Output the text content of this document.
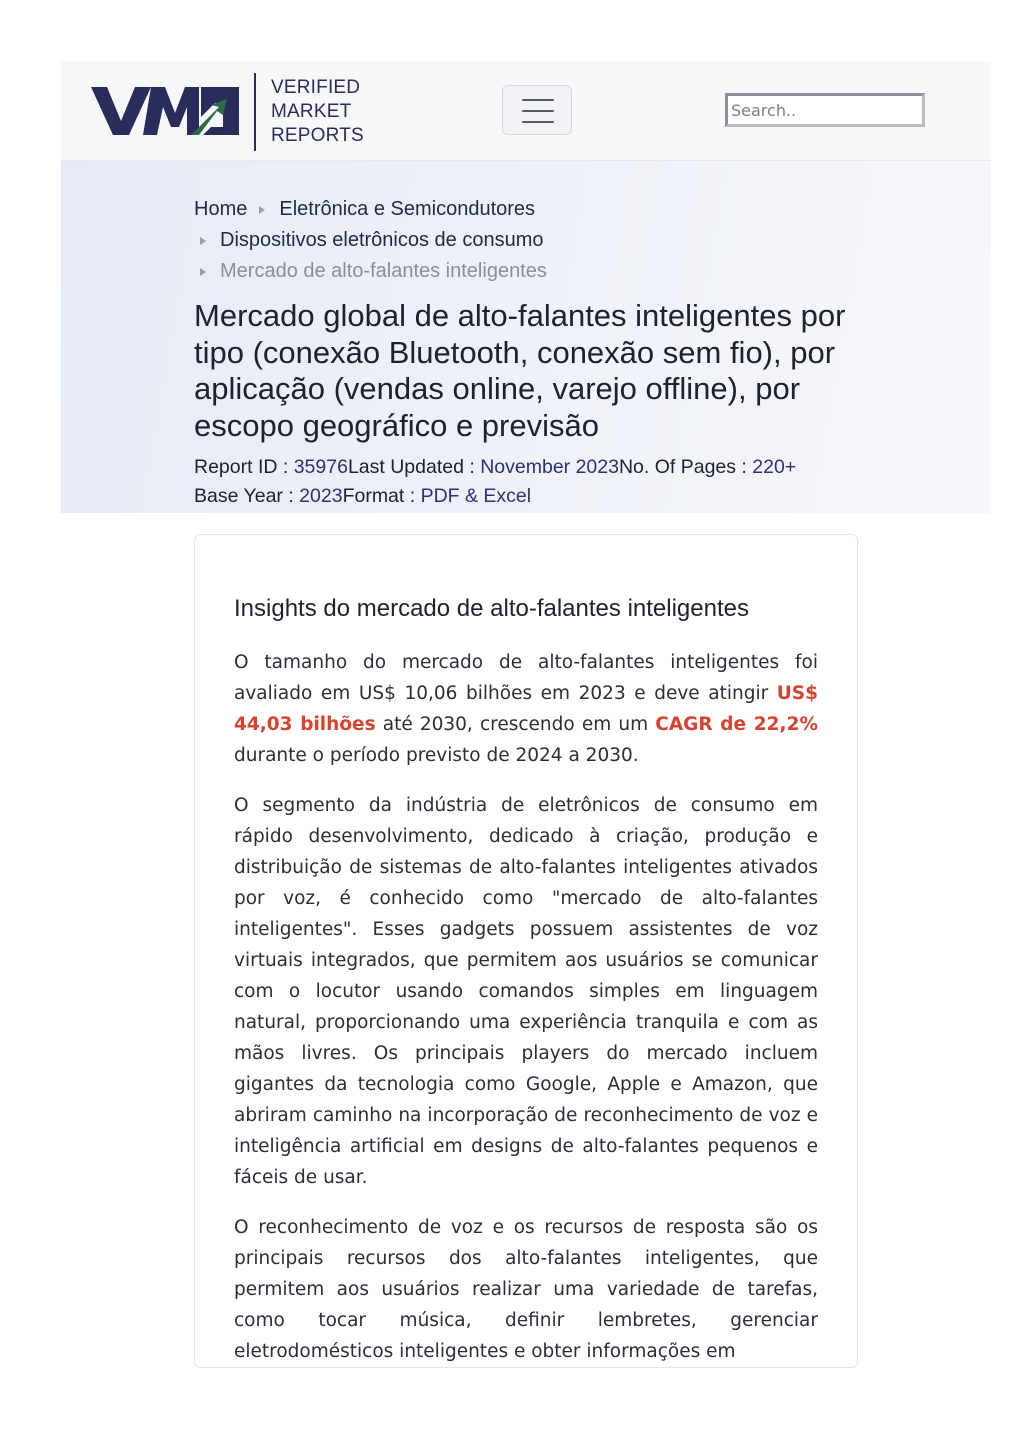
VERIFIED
MARKET
REPORTS
Search..
Home Eletrônica e Semicondutores
Dispositivos eletrônicos de consumo
Mercado de alto-falantes inteligentes
Mercado global de alto-falantes inteligentes por tipo (conexão Bluetooth, conexão sem fio), por aplicação (vendas online, varejo offline), por escopo geográfico e previsão
Report ID : 35976Last Updated : November 2023No. Of Pages : 220+
Base Year : 2023Format : PDF & Excel
Insights do mercado de alto-falantes inteligentes

O tamanho do mercado de alto-falantes inteligentes foi avaliado em US$ 10,06 bilhões em 2023 e deve atingir US$ 44,03 bilhões até 2030, crescendo em um CAGR de 22,2% durante o período previsto de 2024 a 2030.

O segmento da indústria de eletrônicos de consumo em rápido desenvolvimento, dedicado à criação, produção e distribuição de sistemas de alto-falantes inteligentes ativados por voz, é conhecido como "mercado de alto-falantes inteligentes". Esses gadgets possuem assistentes de voz virtuais integrados, que permitem aos usuários se comunicar com o locutor usando comandos simples em linguagem natural, proporcionando uma experiência tranquila e com as mãos livres. Os principais players do mercado incluem gigantes da tecnologia como Google, Apple e Amazon, que abriram caminho na incorporação de reconhecimento de voz e inteligência artificial em designs de alto-falantes pequenos e fáceis de usar.

O reconhecimento de voz e os recursos de resposta são os principais recursos dos alto-falantes inteligentes, que permitem aos usuários realizar uma variedade de tarefas, como tocar música, definir lembretes, gerenciar eletrodomésticos inteligentes e obter informações em
